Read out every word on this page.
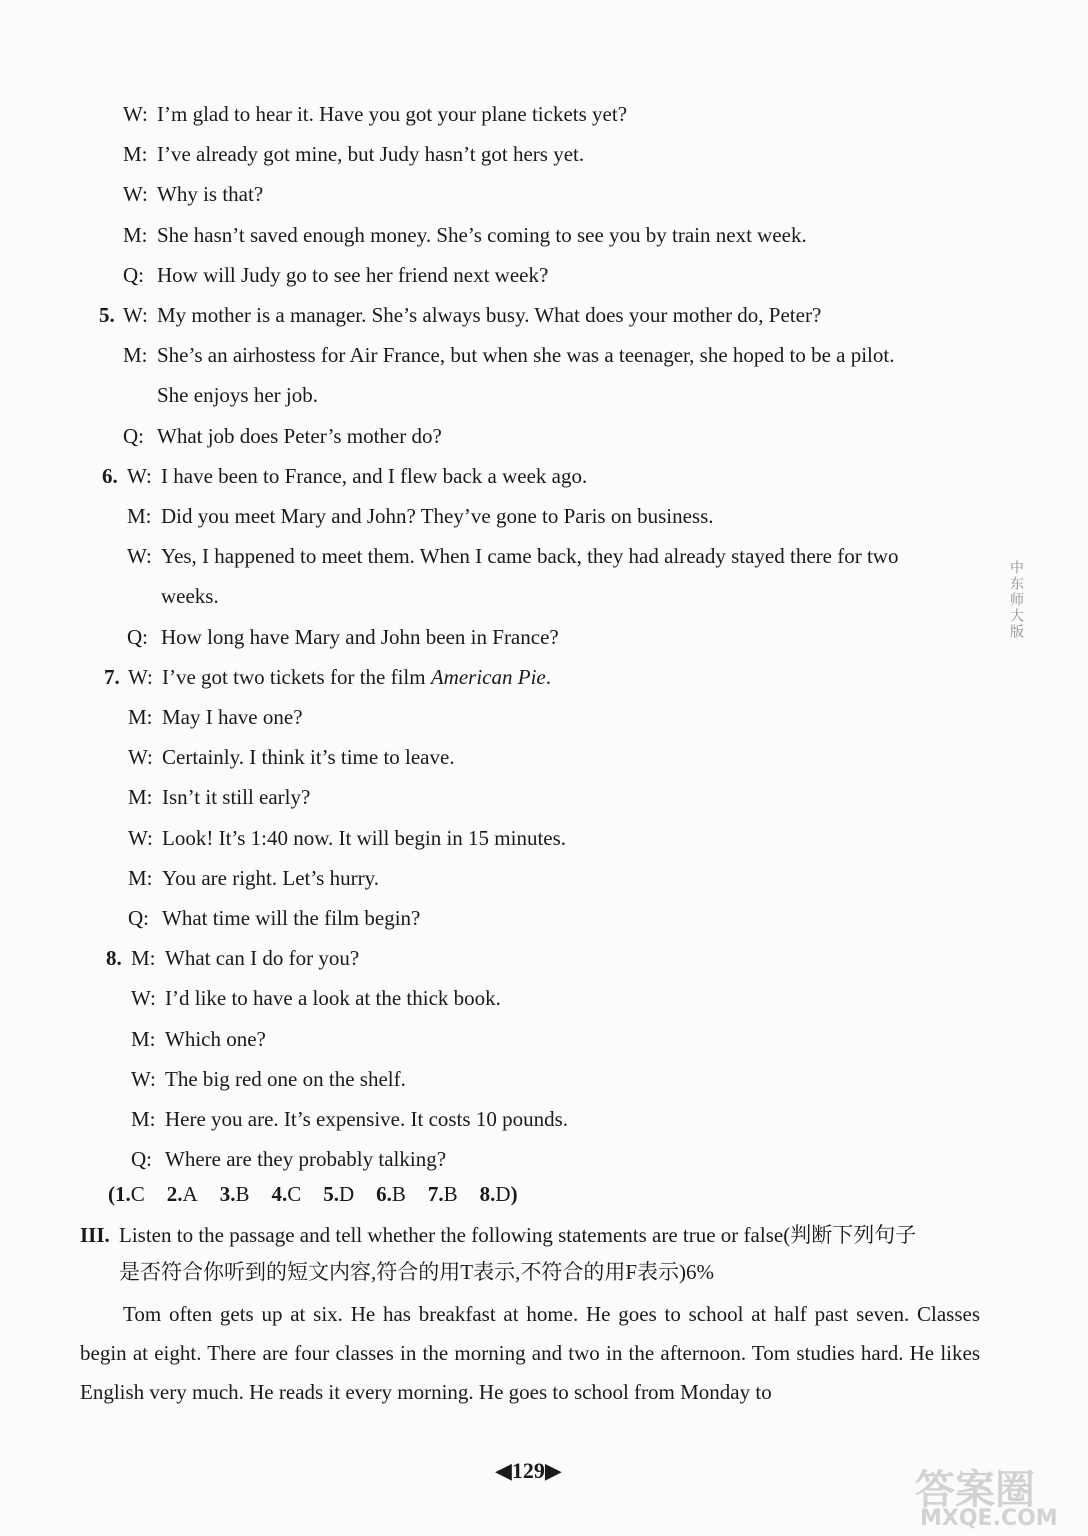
W: I’m glad to hear it. Have you got your plane tickets yet?
M: I’ve already got mine, but Judy hasn’t got hers yet.
W: Why is that?
M: She hasn’t saved enough money. She’s coming to see you by train next week.
Q: How will Judy go to see her friend next week?
5. W: My mother is a manager. She’s always busy. What does your mother do, Peter?
M: She’s an airhostess for Air France, but when she was a teenager, she hoped to be a pilot.
She enjoys her job.
Q: What job does Peter’s mother do?
6. W: I have been to France, and I flew back a week ago.
M: Did you meet Mary and John? They’ve gone to Paris on business.
W: Yes, I happened to meet them. When I came back, they had already stayed there for two
weeks.
Q: How long have Mary and John been in France?
7. W: I’ve got two tickets for the film American Pie.
M: May I have one?
W: Certainly. I think it’s time to leave.
M: Isn’t it still early?
W: Look! It’s 1:40 now. It will begin in 15 minutes.
M: You are right. Let’s hurry.
Q: What time will the film begin?
8. M: What can I do for you?
W: I’d like to have a look at the thick book.
M: Which one?
W: The big red one on the shelf.
M: Here you are. It’s expensive. It costs 10 pounds.
Q: Where are they probably talking?
(1.C 2.A 3.B 4.C 5.D 6.B 7.B 8.D)
III. Listen to the passage and tell whether the following statements are true or false(判断下列句子
是否符合你听到的短文内容,符合的用T表示,不符合的用F表示)6%
Tom often gets up at six. He has breakfast at home. He goes to school at half past seven. Classes begin at eight. There are four classes in the morning and two in the afternoon. Tom studies hard. He likes English very much. He reads it every morning. He goes to school from Monday to
◀129▶
中东师大版
答案圈
MXQE.COM
